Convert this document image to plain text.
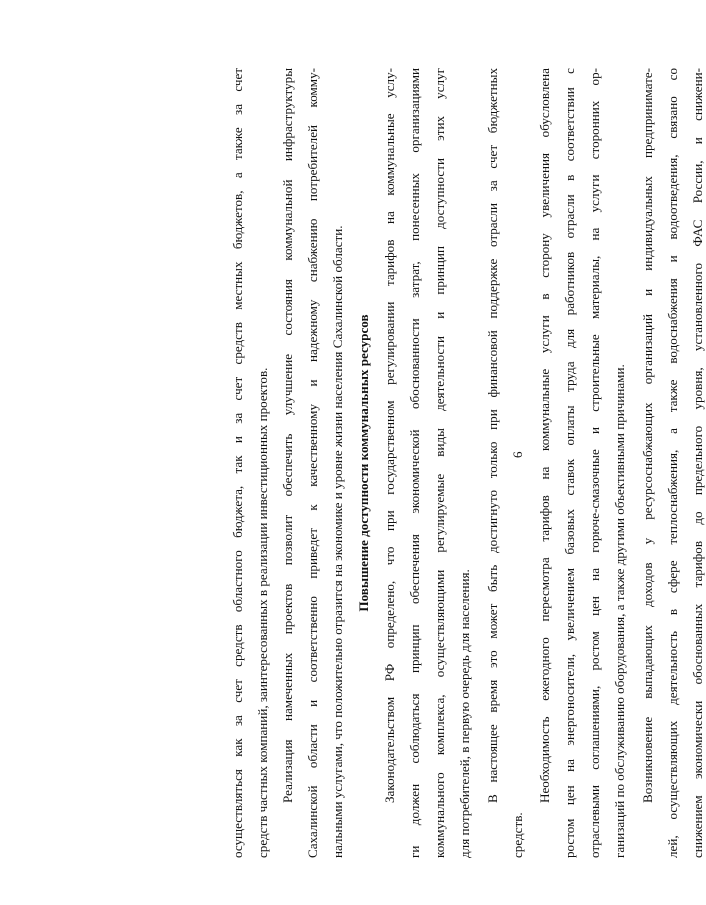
6
осуществляться как за счет средств областного бюджета, так и за счет средств местных бюджетов, а также за счет средств частных компаний, заинтересованных в реализации инвестиционных проектов. Реализация намеченных проектов позволит обеспечить улучшение состояния коммунальной инфраструктуры Сахалинской области и соответственно приведет к качественному и надежному снабжению потребителей комму- нальными услугами, что положительно отразится на экономике и уровне жизни населения Сахалинской области. Повышение доступности коммунальных ресурсов Законодательством РФ определено, что при государственном регулировании тарифов на коммунальные услу- ги должен соблюдаться принцип обеспечения экономической обоснованности затрат, понесенных организациями коммунального комплекса, осуществляющими регулируемые виды деятельности и принцип доступности этих услуг для потребителей, в первую очередь для населения. В настоящее время это может быть достигнуто только при финансовой поддержке отрасли за счет бюджетных
средств.
Необходимость ежегодного пересмотра тарифов на коммунальные услуги в сторону увеличения обусловлена ростом цен на энергоносители, увеличением базовых ставок оплаты труда для работников отрасли в соответствии с отраслевыми соглашениями, ростом цен на горюче-смазочные и строительные материалы, на услуги сторонних ор- ганизаций по обслуживанию оборудования, а также другими объективными причинами. Возникновение выпадающих доходов у ресурсоснабжающих организаций и индивидуальных предпринимате- лей, осуществляющих деятельность в сфере теплоснабжения, а также водоснабжения и водоотведения, связано со снижением экономически обоснованных тарифов до предельного уровня, установленного ФАС России, и снижени-
